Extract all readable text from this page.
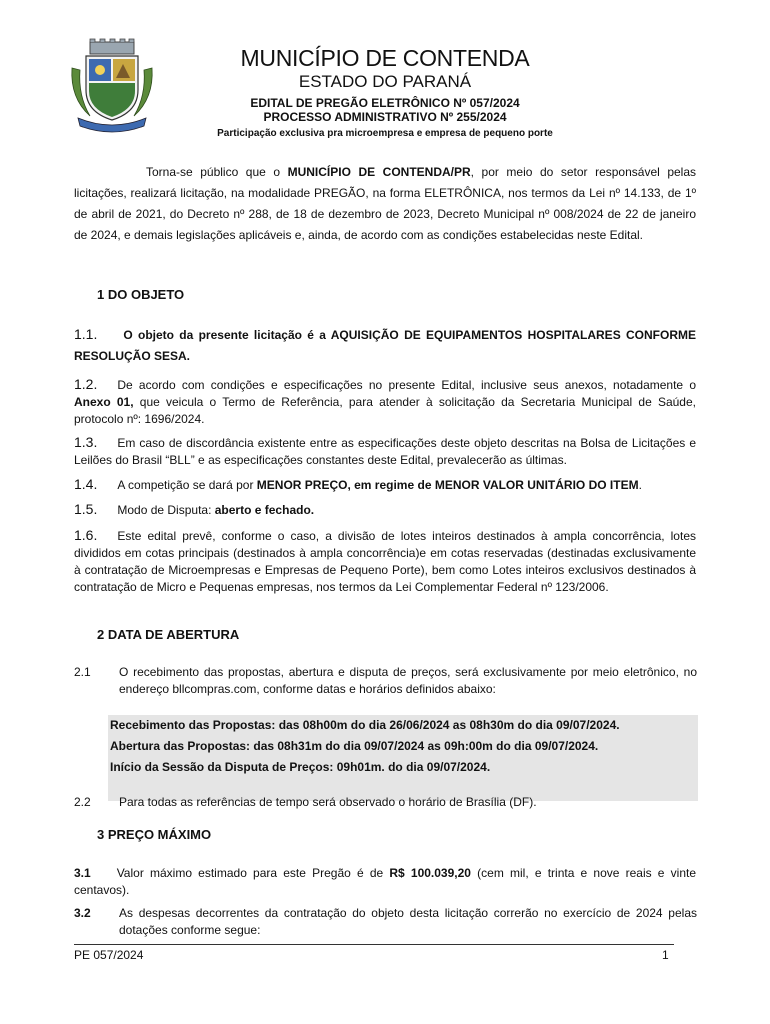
MUNICÍPIO DE CONTENDA
ESTADO DO PARANÁ
EDITAL DE PREGÃO ELETRÔNICO Nº 057/2024
PROCESSO ADMINISTRATIVO Nº 255/2024
Participação exclusiva pra microempresa e empresa de pequeno porte
Torna-se público que o MUNICÍPIO DE CONTENDA/PR, por meio do setor responsável pelas licitações, realizará licitação, na modalidade PREGÃO, na forma ELETRÔNICA, nos termos da Lei nº 14.133, de 1º de abril de 2021, do Decreto nº 288, de 18 de dezembro de 2023, Decreto Municipal nº 008/2024 de 22 de janeiro de 2024, e demais legislações aplicáveis e, ainda, de acordo com as condições estabelecidas neste Edital.
1 DO OBJETO
1.1. O objeto da presente licitação é a AQUISIÇÃO DE EQUIPAMENTOS HOSPITALARES CONFORME RESOLUÇÃO SESA.
1.2. De acordo com condições e especificações no presente Edital, inclusive seus anexos, notadamente o Anexo 01, que veicula o Termo de Referência, para atender à solicitação da Secretaria Municipal de Saúde, protocolo nº: 1696/2024.
1.3. Em caso de discordância existente entre as especificações deste objeto descritas na Bolsa de Licitações e Leilões do Brasil “BLL” e as especificações constantes deste Edital, prevalecerão as últimas.
1.4. A competição se dará por MENOR PREÇO, em regime de MENOR VALOR UNITÁRIO DO ITEM.
1.5. Modo de Disputa: aberto e fechado.
1.6. Este edital prevê, conforme o caso, a divisão de lotes inteiros destinados à ampla concorrência, lotes divididos em cotas principais (destinados à ampla concorrência)e em cotas reservadas (destinadas exclusivamente à contratação de Microempresas e Empresas de Pequeno Porte), bem como Lotes inteiros exclusivos destinados à contratação de Micro e Pequenas empresas, nos termos da Lei Complementar Federal nº 123/2006.
2 DATA DE ABERTURA
2.1	O recebimento das propostas, abertura e disputa de preços, será exclusivamente por meio eletrônico, no endereço bllcompras.com, conforme datas e horários definidos abaixo:
Recebimento das Propostas: das 08h00m do dia 26/06/2024 as 08h30m do dia 09/07/2024.
Abertura das Propostas: das 08h31m do dia 09/07/2024 as 09h:00m do dia 09/07/2024.
Início da Sessão da Disputa de Preços: 09h01m. do dia 09/07/2024.
2.2	Para todas as referências de tempo será observado o horário de Brasília (DF).
3 PREÇO MÁXIMO
3.1 Valor máximo estimado para este Pregão é de R$ 100.039,20 (cem mil, e trinta e nove reais e vinte centavos).
3.2	As despesas decorrentes da contratação do objeto desta licitação correrão no exercício de 2024 pelas dotações conforme segue:
PE 057/2024	1
